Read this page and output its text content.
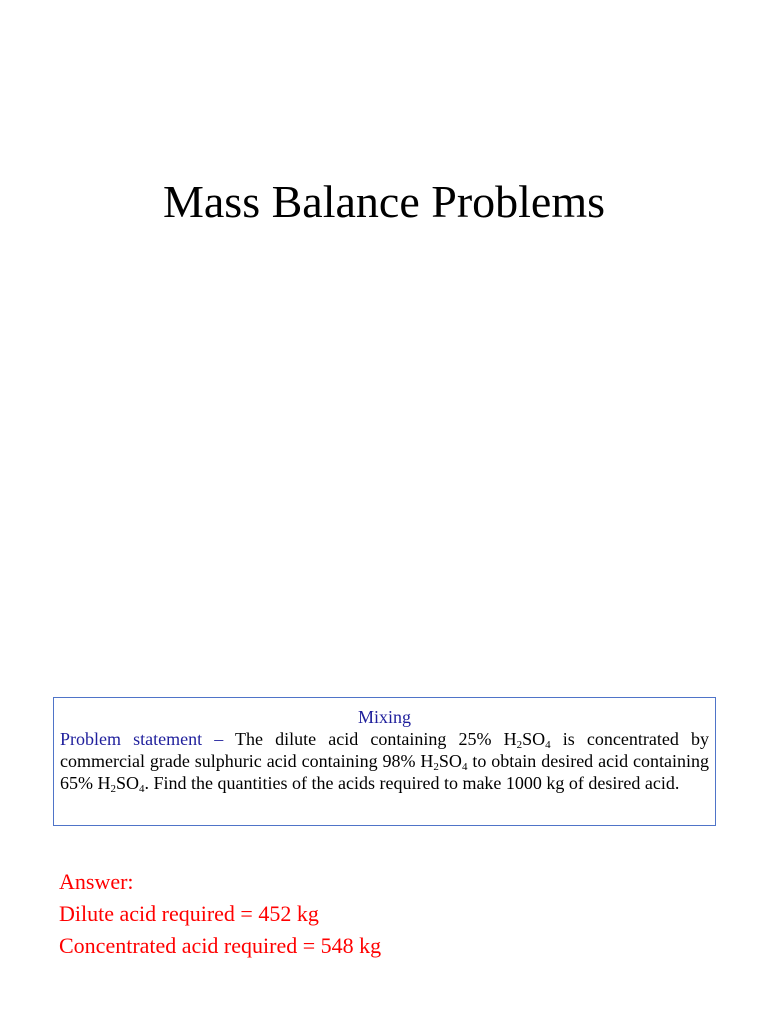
Mass Balance Problems
Mixing

Problem statement – The dilute acid containing 25% $H_2SO_4$ is concentrated by commercial grade sulphuric acid containing 98% $H_2SO_4$ to obtain desired acid containing 65% $H_2SO_4$. Find the quantities of the acids required to make 1000 kg of desired acid.

Answer:
Dilute acid required = 452 kg
Concentrated acid required = 548 kg
